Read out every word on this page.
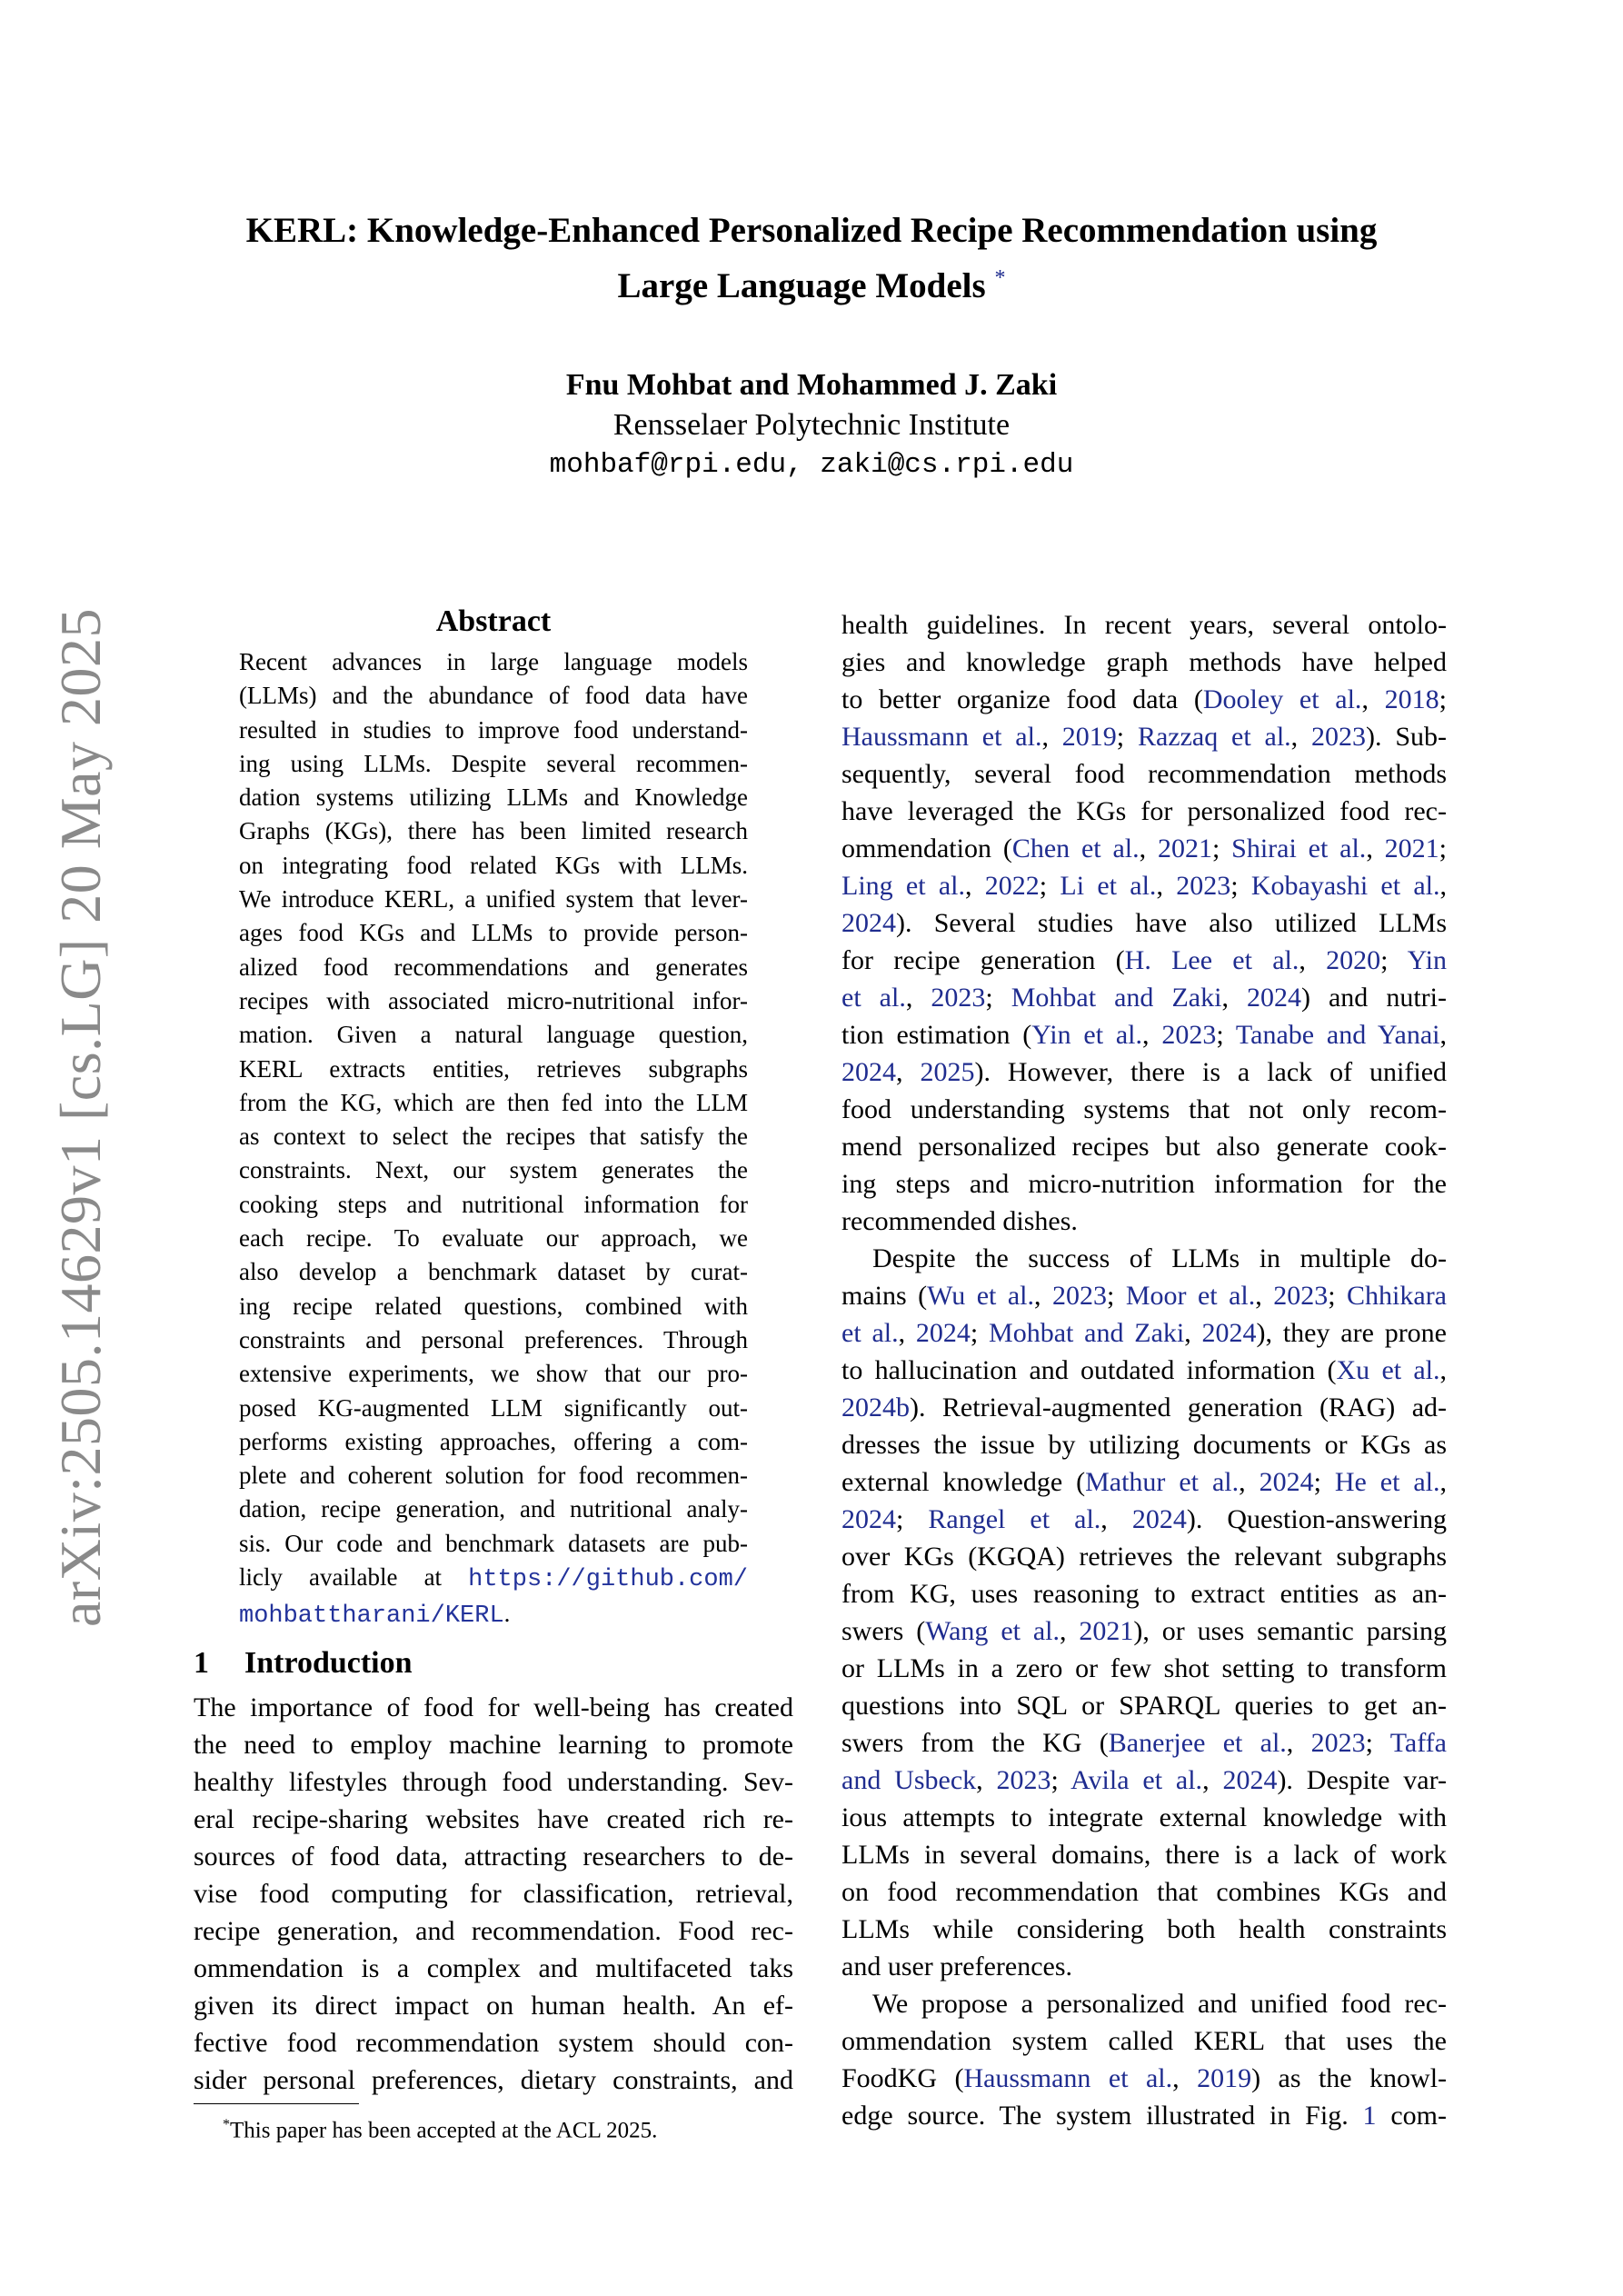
arXiv:2505.14629v1 [cs.LG] 20 May 2025
KERL: Knowledge-Enhanced Personalized Recipe Recommendation using
Large Language Models *
Fnu Mohbat and Mohammed J. Zaki
Rensselaer Polytechnic Institute
mohbaf@rpi.edu, zaki@cs.rpi.edu
Abstract
Recent advances in large language models
(LLMs) and the abundance of food data have
resulted in studies to improve food understand-
ing using LLMs. Despite several recommen-
dation systems utilizing LLMs and Knowledge
Graphs (KGs), there has been limited research
on integrating food related KGs with LLMs.
We introduce KERL, a unified system that lever-
ages food KGs and LLMs to provide person-
alized food recommendations and generates
recipes with associated micro-nutritional infor-
mation. Given a natural language question,
KERL extracts entities, retrieves subgraphs
from the KG, which are then fed into the LLM
as context to select the recipes that satisfy the
constraints. Next, our system generates the
cooking steps and nutritional information for
each recipe. To evaluate our approach, we
also develop a benchmark dataset by curat-
ing recipe related questions, combined with
constraints and personal preferences. Through
extensive experiments, we show that our pro-
posed KG-augmented LLM significantly out-
performs existing approaches, offering a com-
plete and coherent solution for food recommen-
dation, recipe generation, and nutritional analy-
sis. Our code and benchmark datasets are pub-
licly available at https://github.com/
mohbattharani/KERL.
1 Introduction
The importance of food for well-being has created
the need to employ machine learning to promote
healthy lifestyles through food understanding. Sev-
eral recipe-sharing websites have created rich re-
sources of food data, attracting researchers to de-
vise food computing for classification, retrieval,
recipe generation, and recommendation. Food rec-
ommendation is a complex and multifaceted taks
given its direct impact on human health. An ef-
fective food recommendation system should con-
sider personal preferences, dietary constraints, and
*This paper has been accepted at the ACL 2025.
health guidelines. In recent years, several ontolo-
gies and knowledge graph methods have helped
to better organize food data (Dooley et al., 2018;
Haussmann et al., 2019; Razzaq et al., 2023). Sub-
sequently, several food recommendation methods
have leveraged the KGs for personalized food rec-
ommendation (Chen et al., 2021; Shirai et al., 2021;
Ling et al., 2022; Li et al., 2023; Kobayashi et al.,
2024). Several studies have also utilized LLMs
for recipe generation (H. Lee et al., 2020; Yin
et al., 2023; Mohbat and Zaki, 2024) and nutri-
tion estimation (Yin et al., 2023; Tanabe and Yanai,
2024, 2025). However, there is a lack of unified
food understanding systems that not only recom-
mend personalized recipes but also generate cook-
ing steps and micro-nutrition information for the
recommended dishes.
Despite the success of LLMs in multiple do-
mains (Wu et al., 2023; Moor et al., 2023; Chhikara
et al., 2024; Mohbat and Zaki, 2024), they are prone
to hallucination and outdated information (Xu et al.,
2024b). Retrieval-augmented generation (RAG) ad-
dresses the issue by utilizing documents or KGs as
external knowledge (Mathur et al., 2024; He et al.,
2024; Rangel et al., 2024). Question-answering
over KGs (KGQA) retrieves the relevant subgraphs
from KG, uses reasoning to extract entities as an-
swers (Wang et al., 2021), or uses semantic parsing
or LLMs in a zero or few shot setting to transform
questions into SQL or SPARQL queries to get an-
swers from the KG (Banerjee et al., 2023; Taffa
and Usbeck, 2023; Avila et al., 2024). Despite var-
ious attempts to integrate external knowledge with
LLMs in several domains, there is a lack of work
on food recommendation that combines KGs and
LLMs while considering both health constraints
and user preferences.
We propose a personalized and unified food rec-
ommendation system called KERL that uses the
FoodKG (Haussmann et al., 2019) as the knowl-
edge source. The system illustrated in Fig. 1 com-
